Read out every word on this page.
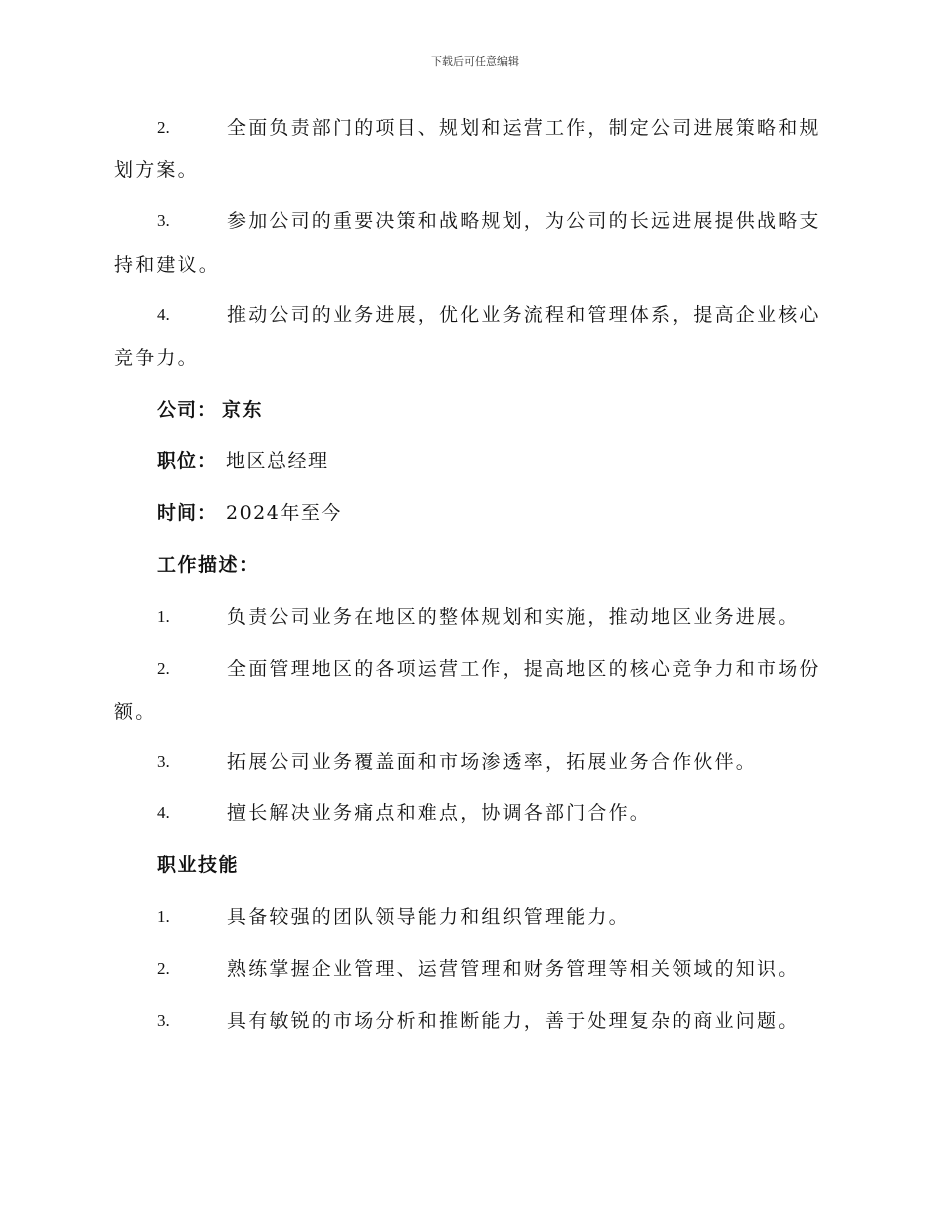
下载后可任意编辑
2.	全面负责部门的项目、规划和运营工作，制定公司进展策略和规
划方案。
3.	参加公司的重要决策和战略规划，为公司的长远进展提供战略支
持和建议。
4.	推动公司的业务进展，优化业务流程和管理体系，提高企业核心
竞争力。
公司： 京东
职位： 地区总经理
时间： 2024年至今
工作描述：
1.	负责公司业务在地区的整体规划和实施，推动地区业务进展。
2.	全面管理地区的各项运营工作，提高地区的核心竞争力和市场份
额。
3.	拓展公司业务覆盖面和市场渗透率，拓展业务合作伙伴。
4.	擅长解决业务痛点和难点，协调各部门合作。
职业技能
1.	具备较强的团队领导能力和组织管理能力。
2.	熟练掌握企业管理、运营管理和财务管理等相关领域的知识。
3.	具有敏锐的市场分析和推断能力，善于处理复杂的商业问题。
